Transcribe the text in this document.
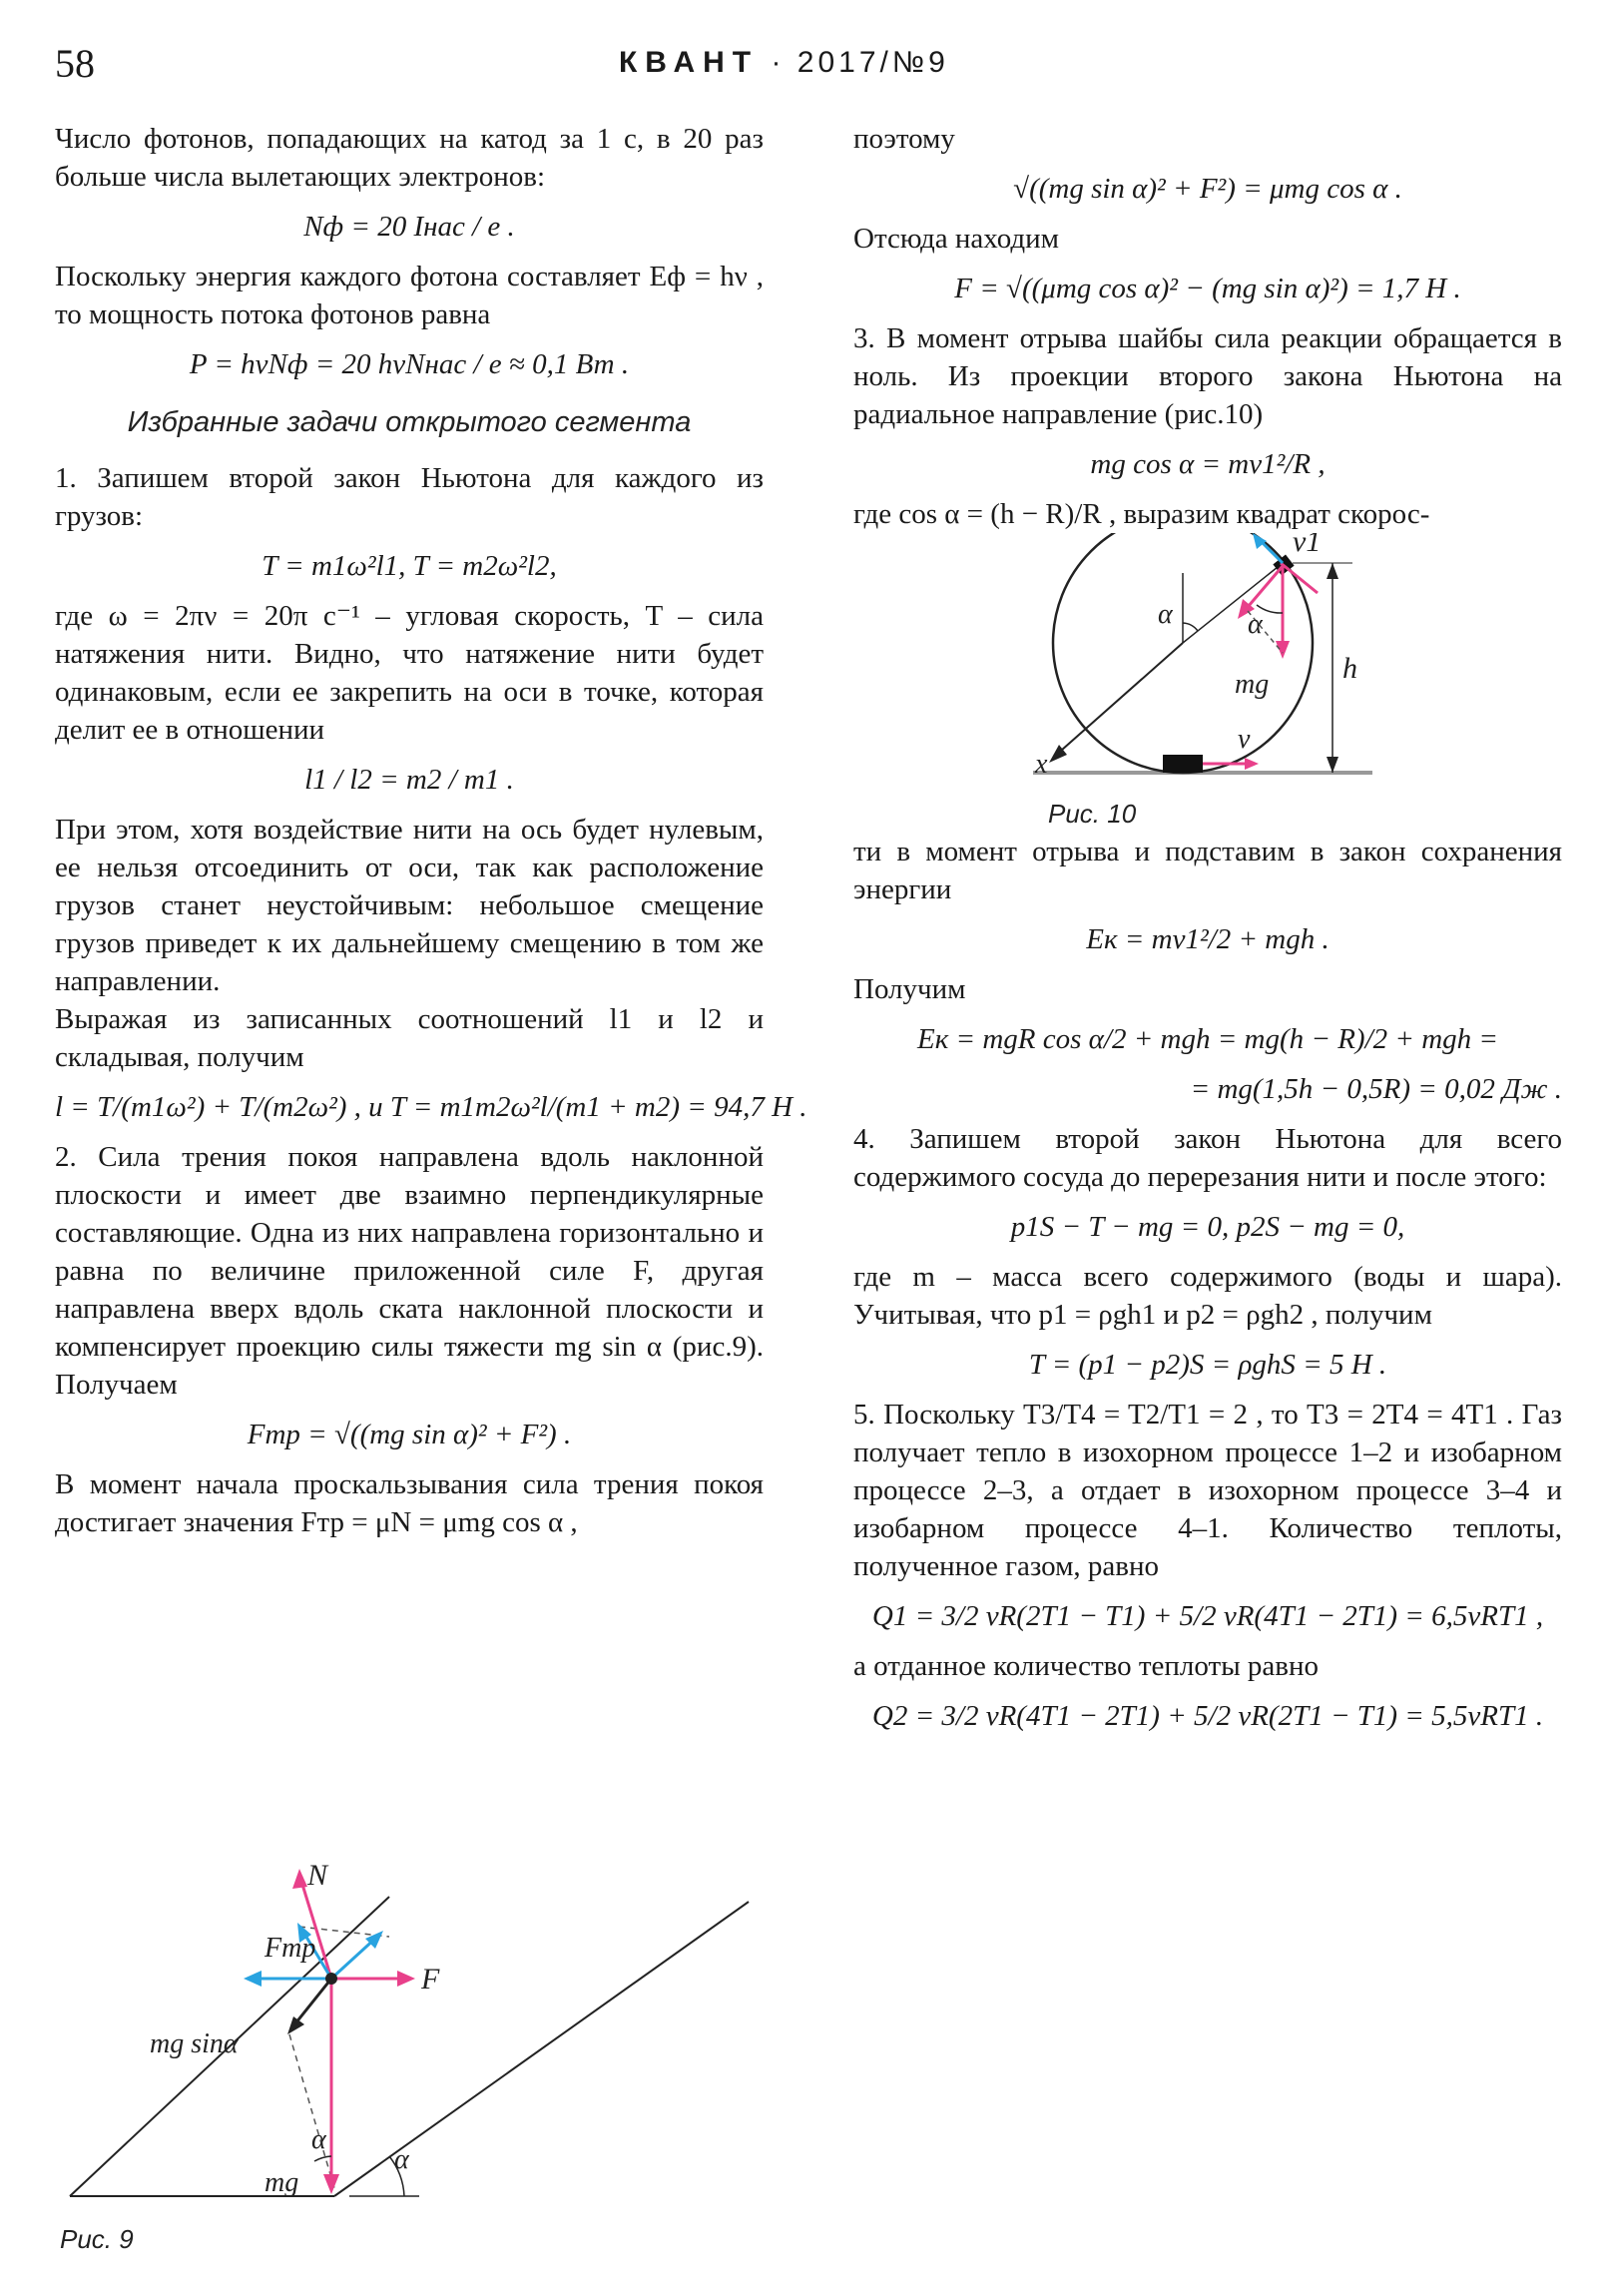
58	КВАНТ · 2017/№9

Число фотонов, попадающих на катод за 1 с, в 20 раз больше числа вылетающих электронов:

Nф = 20 Iнас / e .

Поскольку энергия каждого фотона составляет Eф = hν , то мощность потока фотонов равна

P = hνNф = 20 hνNнас / e ≈ 0,1 Вт .
Избранные задачи открытого сегмента

1. Запишем второй закон Ньютона для каждого из грузов:

T = m1ω²l1, T = m2ω²l2,

где ω = 2πν = 20π с⁻¹ – угловая скорость, T – сила натяжения нити. Видно, что натяжение нити будет одинаковым, если ее закрепить на оси в точке, которая делит ее в отношении

l1 / l2 = m2 / m1 .

При этом, хотя воздействие нити на ось будет нулевым, ее нельзя отсоединить от оси, так как расположение грузов станет неустойчивым: небольшое смещение грузов приведет к их дальнейшему смещению в том же направлении.

Выражая из записанных соотношений l1 и l2 и складывая, получим

l = T/(m1ω²) + T/(m2ω²) , и T = m1m2ω²l/(m1 + m2) = 94,7 Н .

2. Сила трения покоя направлена вдоль наклонной плоскости и имеет две взаимно перпендикулярные составляющие. Одна из них направлена горизонтально и равна по величине приложенной силе F, другая направлена вверх вдоль ската наклонной плоскости и компенсирует проекцию силы тяжести mg sin α (рис.9). Получаем

Fтр = √((mg sin α)² + F²) .

В момент начала проскальзывания сила трения покоя достигает значения Fтр = μN = μmg cos α ,

N
Fтр
F
mg sinα
α
α
mg
Рис. 9

поэтому

√((mg sin α)² + F²) = μmg cos α .

Отсюда находим

F = √((μmg cos α)² − (mg sin α)²) = 1,7 Н .

3. В момент отрыва шайбы сила реакции обращается в ноль. Из проекции второго закона Ньютона на радиальное направление (рис.10)

mg cos α = mv1²/R ,

где cos α = (h − R)/R , выразим квадрат скорос-

v1
α	α
mg h
v
x
Рис. 10

ти в момент отрыва и подставим в закон сохранения энергии

Eк = mv1²/2 + mgh .

Получим

Eк = mgR cos α/2 + mgh = mg(h − R)/2 + mgh =
= mg(1,5h − 0,5R) = 0,02 Дж .

4. Запишем второй закон Ньютона для всего содержимого сосуда до перерезания нити и после этого:

p1S − T − mg = 0, p2S − mg = 0,

где m – масса всего содержимого (воды и шара). Учитывая, что p1 = ρgh1 и p2 = ρgh2 , получим

T = (p1 − p2)S = ρghS = 5 Н .

5. Поскольку T3/T4 = T2/T1 = 2 , то T3 = 2T4 = 4T1 . Газ получает тепло в изохорном процессе 1–2 и изобарном процессе 2–3, а отдает в изохорном процессе 3–4 и изобарном процессе 4–1. Количество теплоты, полученное газом, равно

Q1 = 3/2 νR(2T1 − T1) + 5/2 νR(4T1 − 2T1) = 6,5νRT1 ,

а отданное количество теплоты равно

Q2 = 3/2 νR(4T1 − 2T1) + 5/2 νR(2T1 − T1) = 5,5νRT1 .
